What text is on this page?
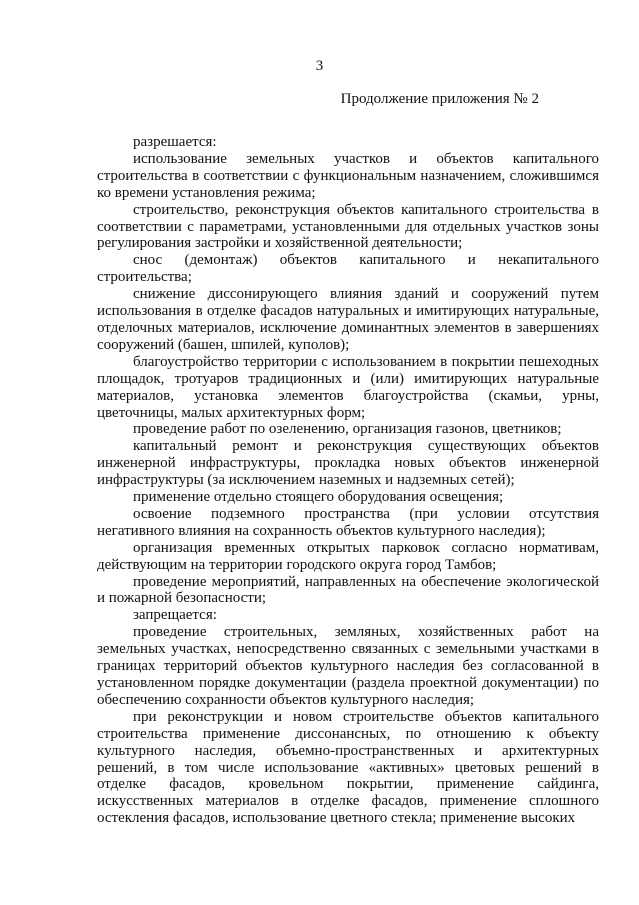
3
Продолжение приложения № 2

разрешается:

использование земельных участков и объектов капитального строительства в соответствии с функциональным назначением, сложившимся ко времени установления режима;

строительство, реконструкция объектов капитального строительства в соответствии с параметрами, установленными для отдельных участков зоны регулирования застройки и хозяйственной деятельности;

снос (демонтаж) объектов капитального и некапитального строительства;

снижение диссонирующего влияния зданий и сооружений путем использования в отделке фасадов натуральных и имитирующих натуральные, отделочных материалов, исключение доминантных элементов в завершениях сооружений (башен, шпилей, куполов);

благоустройство территории с использованием в покрытии пешеходных площадок, тротуаров традиционных и (или) имитирующих натуральные материалов, установка элементов благоустройства (скамьи, урны, цветочницы, малых архитектурных форм;

проведение работ по озеленению, организация газонов, цветников;

капитальный ремонт и реконструкция существующих объектов инженерной инфраструктуры, прокладка новых объектов инженерной инфраструктуры (за исключением наземных и надземных сетей);

применение отдельно стоящего оборудования освещения;

освоение подземного пространства (при условии отсутствия негативного влияния на сохранность объектов культурного наследия);

организация временных открытых парковок согласно нормативам, действующим на территории городского округа город Тамбов;

проведение мероприятий, направленных на обеспечение экологической и пожарной безопасности;

запрещается:

проведение строительных, земляных, хозяйственных работ на земельных участках, непосредственно связанных с земельными участками в границах территорий объектов культурного наследия без согласованной в установленном порядке документации (раздела проектной документации) по обеспечению сохранности объектов культурного наследия;

при реконструкции и новом строительстве объектов капитального строительства применение диссонансных, по отношению к объекту культурного наследия, объемно-пространственных и архитектурных решений, в том числе использование «активных» цветовых решений в отделке фасадов, кровельном покрытии, применение сайдинга, искусственных материалов в отделке фасадов, применение сплошного остекления фасадов, использование цветного стекла; применение высоких
